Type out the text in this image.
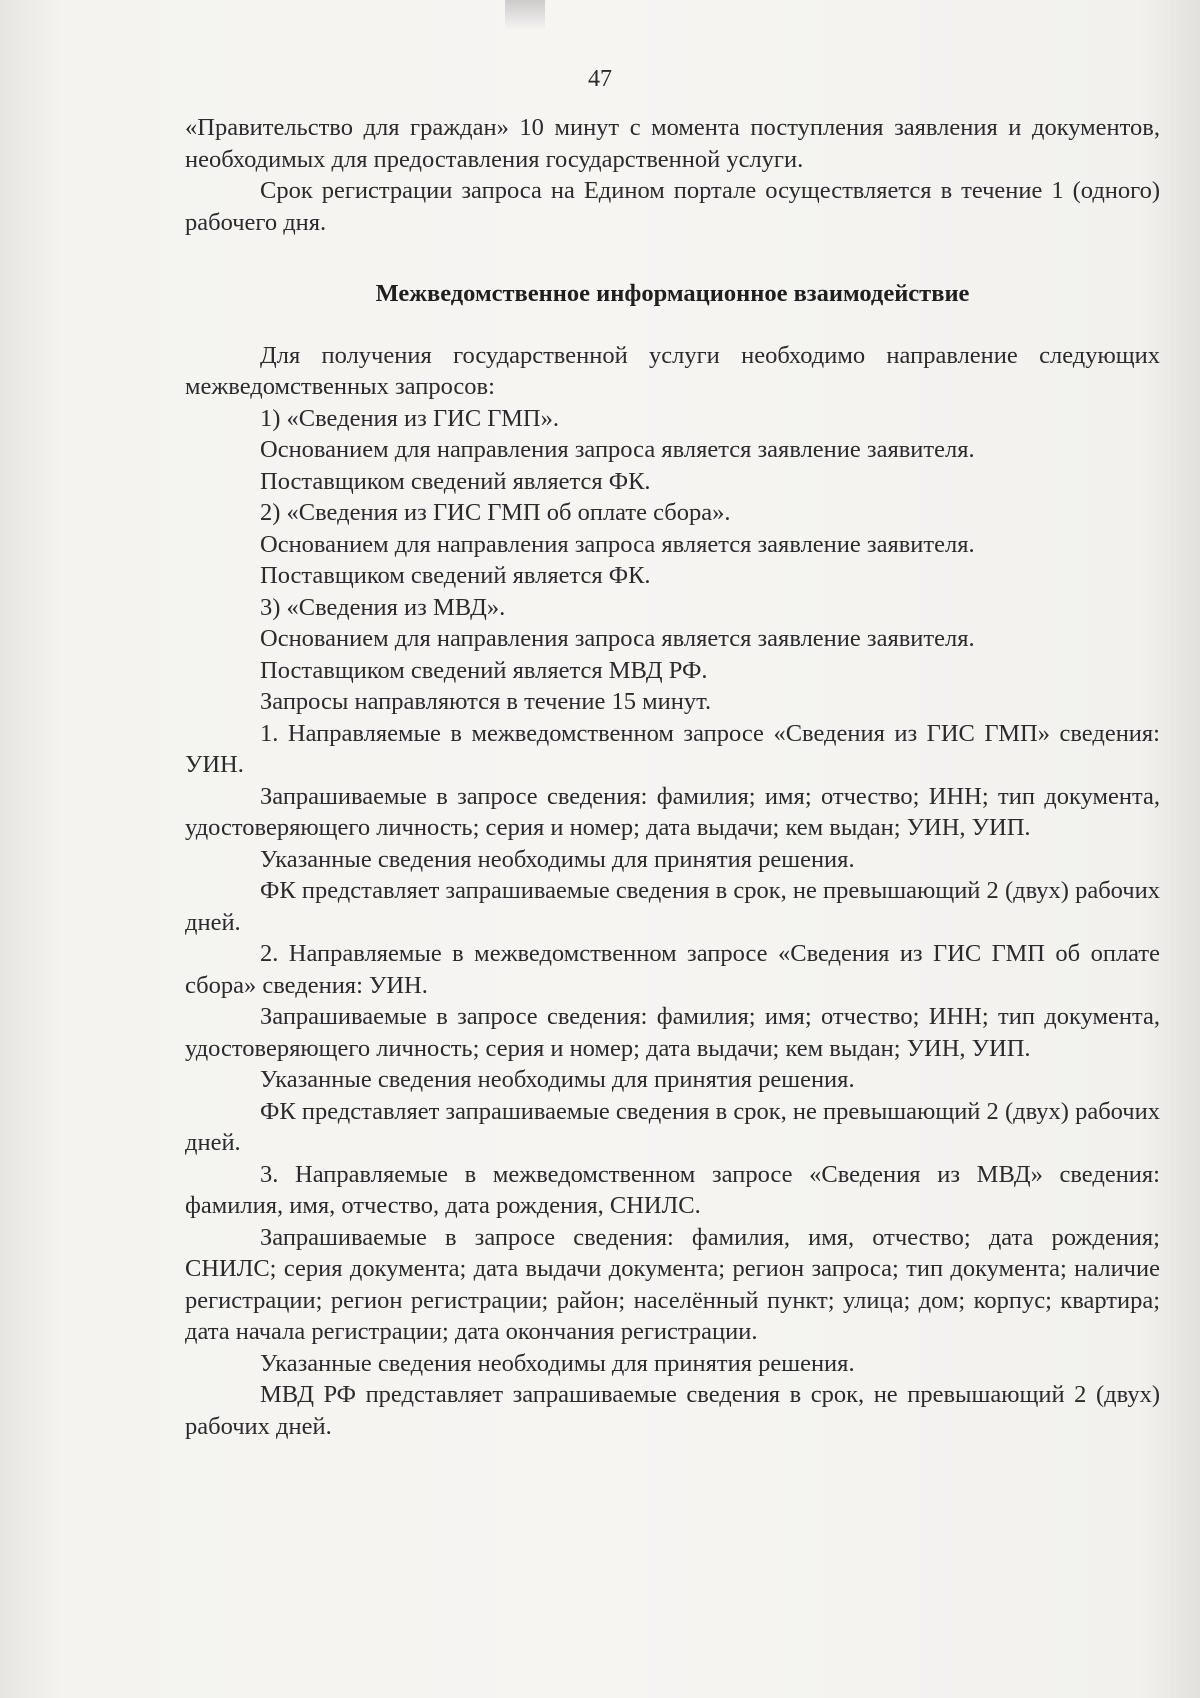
47

«Правительство для граждан» 10 минут с момента поступления заявления и документов, необходимых для предоставления государственной услуги.

Срок регистрации запроса на Едином портале осуществляется в течение 1 (одного) рабочего дня.

Межведомственное информационное взаимодействие

Для получения государственной услуги необходимо направление следующих межведомственных запросов:

1) «Сведения из ГИС ГМП».

Основанием для направления запроса является заявление заявителя.

Поставщиком сведений является ФК.

2) «Сведения из ГИС ГМП об оплате сбора».

Основанием для направления запроса является заявление заявителя.

Поставщиком сведений является ФК.

3) «Сведения из МВД».

Основанием для направления запроса является заявление заявителя.

Поставщиком сведений является МВД РФ.

Запросы направляются в течение 15 минут.

1. Направляемые в межведомственном запросе «Сведения из ГИС ГМП» сведения: УИН.

Запрашиваемые в запросе сведения: фамилия; имя; отчество; ИНН; тип документа, удостоверяющего личность; серия и номер; дата выдачи; кем выдан; УИН, УИП.

Указанные сведения необходимы для принятия решения.

ФК представляет запрашиваемые сведения в срок, не превышающий 2 (двух) рабочих дней.

2. Направляемые в межведомственном запросе «Сведения из ГИС ГМП об оплате сбора» сведения: УИН.

Запрашиваемые в запросе сведения: фамилия; имя; отчество; ИНН; тип документа, удостоверяющего личность; серия и номер; дата выдачи; кем выдан; УИН, УИП.

Указанные сведения необходимы для принятия решения.

ФК представляет запрашиваемые сведения в срок, не превышающий 2 (двух) рабочих дней.

3. Направляемые в межведомственном запросе «Сведения из МВД» сведения: фамилия, имя, отчество, дата рождения, СНИЛС.

Запрашиваемые в запросе сведения: фамилия, имя, отчество; дата рождения; СНИЛС; серия документа; дата выдачи документа; регион запроса; тип документа; наличие регистрации; регион регистрации; район; населённый пункт; улица; дом; корпус; квартира; дата начала регистрации; дата окончания регистрации.

Указанные сведения необходимы для принятия решения.

МВД РФ представляет запрашиваемые сведения в срок, не превышающий 2 (двух) рабочих дней.
